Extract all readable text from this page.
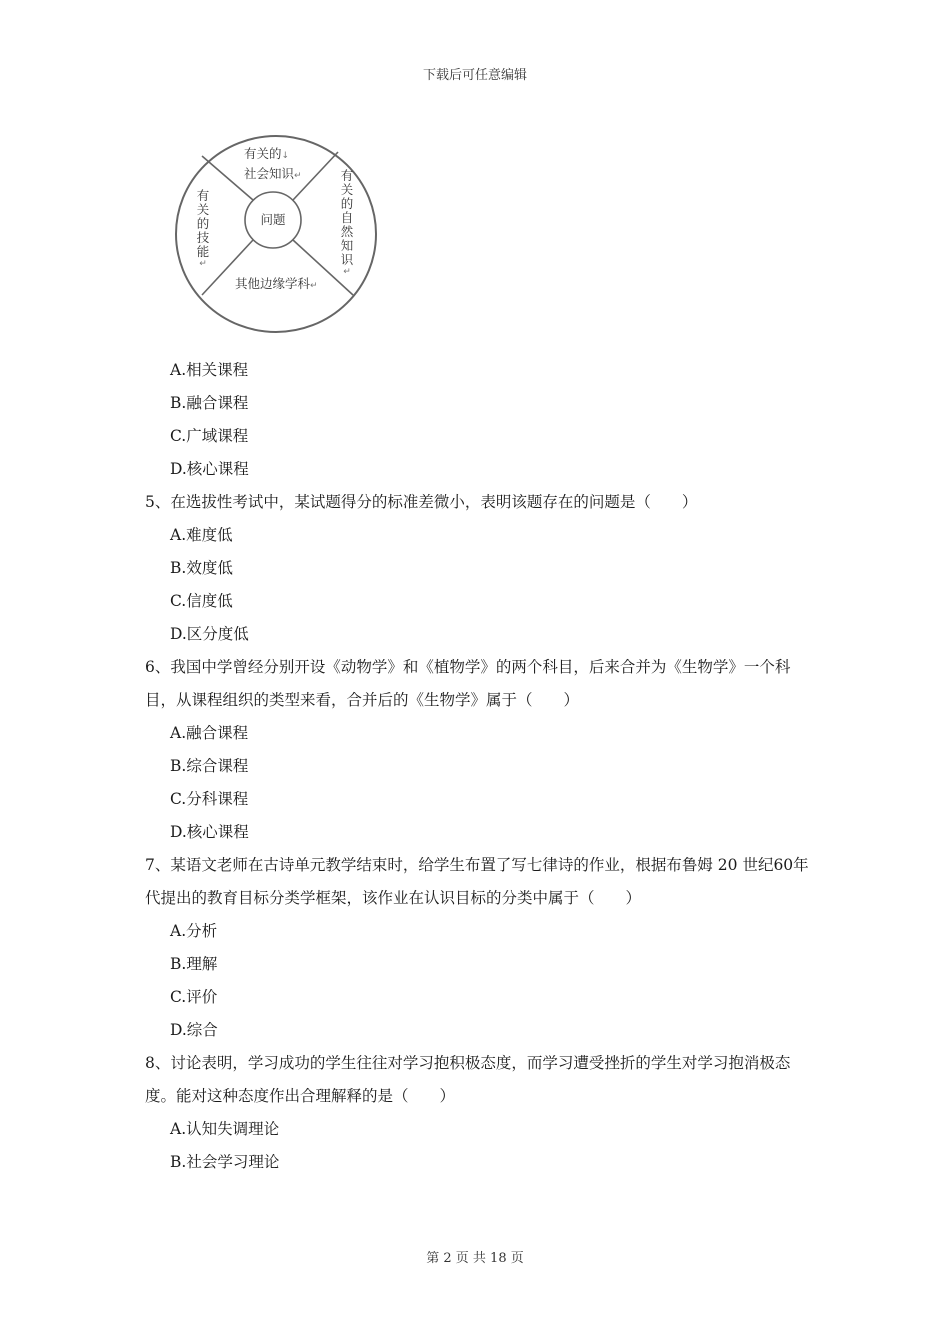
下载后可任意编辑
问题
有关的↓
社会知识↵
其他边缘学科↵
有
关
的
技
能
↵
有
关
的
自
然
知
识
↵
A.相关课程
B.融合课程
C.广域课程
D.核心课程
5、在选拔性考试中，某试题得分的标准差微小，表明该题存在的问题是（　　）
A.难度低
B.效度低
C.信度低
D.区分度低
6、我国中学曾经分别开设《动物学》和《植物学》的两个科目，后来合并为《生物学》一个科目，从课程组织的类型来看，合并后的《生物学》属于（　　）
A.融合课程
B.综合课程
C.分科课程
D.核心课程
7、某语文老师在古诗单元教学结束时，给学生布置了写七律诗的作业，根据布鲁姆 20 世纪60年代提出的教育目标分类学框架，该作业在认识目标的分类中属于（　　）
A.分析
B.理解
C.评价
D.综合
8、讨论表明，学习成功的学生往往对学习抱积极态度，而学习遭受挫折的学生对学习抱消极态度。能对这种态度作出合理解释的是（　　）
A.认知失调理论
B.社会学习理论
第 2 页 共 18 页
